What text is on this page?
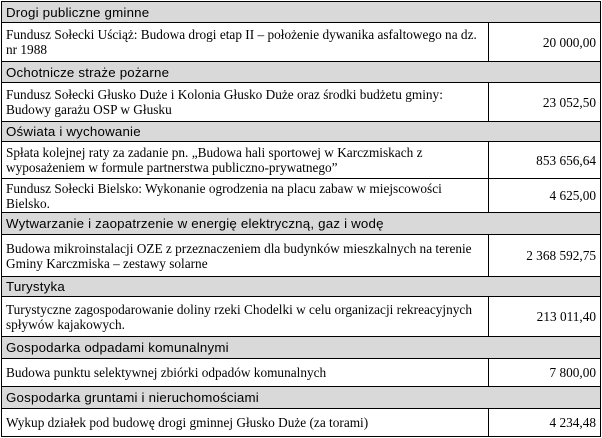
Drogi publiczne gminne	
Fundusz Sołecki Uściąż: Budowa drogi etap II – położenie dywanika asfaltowego na dz. nr 1988	20 000,00
Ochotnicze straże pożarne	
Fundusz Sołecki Głusko Duże i Kolonia Głusko Duże oraz środki budżetu gminy: Budowy garażu OSP w Głusku	23 052,50
Oświata i wychowanie	
Spłata kolejnej raty za zadanie pn. „Budowa hali sportowej w Karczmiskach z wyposażeniem w formule partnerstwa publiczno-prywatnego”	853 656,64
Fundusz Sołecki Bielsko: Wykonanie ogrodzenia na placu zabaw w miejscowości Bielsko.	4 625,00
Wytwarzanie i zaopatrzenie w energię elektryczną, gaz i wodę	
Budowa mikroinstalacji OZE z przeznaczeniem dla budynków mieszkalnych na terenie Gminy Karczmiska – zestawy solarne	2 368 592,75
Turystyka	
Turystyczne zagospodarowanie doliny rzeki Chodelki w celu organizacji rekreacyjnych spływów kajakowych.	213 011,40
Gospodarka odpadami komunalnymi	
Budowa punktu selektywnej zbiórki odpadów komunalnych	7 800,00
Gospodarka gruntami i nieruchomościami	
Wykup działek pod budowę drogi gminnej Głusko Duże (za torami)	4 234,48
